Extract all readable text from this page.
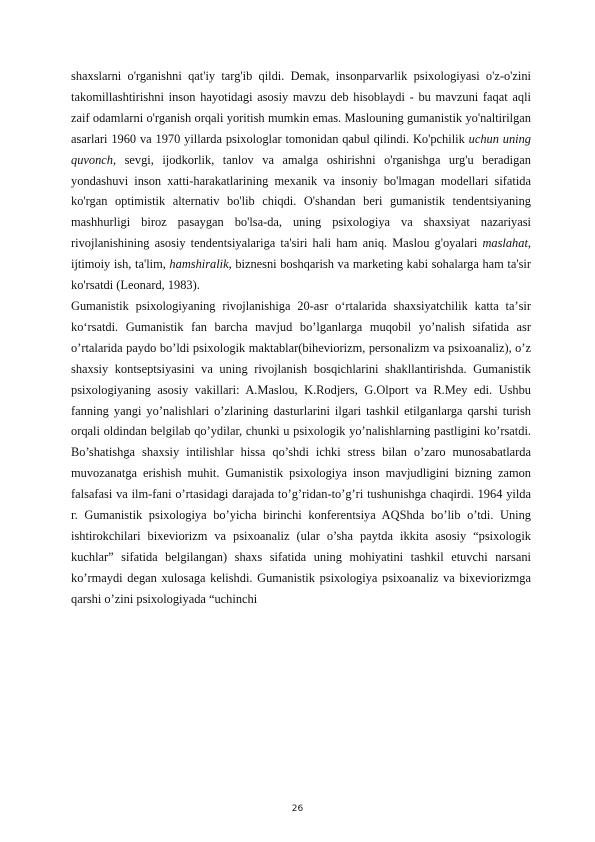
shaxslarni o'rganishni qat'iy targ'ib qildi. Demak, insonparvarlik psixologiyasi o'z-o'zini takomillashtirishni inson hayotidagi asosiy mavzu deb hisoblaydi - bu mavzuni faqat aqli zaif odamlarni o'rganish orqali yoritish mumkin emas. Maslouning gumanistik yo'naltirilgan asarlari 1960 va 1970 yillarda psixologlar tomonidan qabul qilindi. Ko'pchilik uchun uning quvonch, sevgi, ijodkorlik, tanlov va amalga oshirishni o'rganishga urg'u beradigan yondashuvi inson xatti-harakatlarining mexanik va insoniy bo'lmagan modellari sifatida ko'rgan optimistik alternativ bo'lib chiqdi. O'shandan beri gumanistik tendentsiyaning mashhurligi biroz pasaygan bo'lsa-da, uning psixologiya va shaxsiyat nazariyasi rivojlanishining asosiy tendentsiyalariga ta'siri hali ham aniq. Maslou g'oyalari maslahat, ijtimoiy ish, ta'lim, hamshiralik, biznesni boshqarish va marketing kabi sohalarga ham ta'sir ko'rsatdi (Leonard, 1983).

Gumanistik psixologiyaning rivojlanishiga 20-asr oʻrtalarida shaxsiyatchilik katta taʼsir koʻrsatdi. Gumanistik fan barcha mavjud bo’lganlarga muqobil yo’nalish sifatida asr o’rtalarida paydo bo’ldi psixologik maktablar(biheviorizm, personalizm va psixoanaliz), o’z shaxsiy kontseptsiyasini va uning rivojlanish bosqichlarini shakllantirishda. Gumanistik psixologiyaning asosiy vakillari: A.Maslou, K.Rodjers, G.Olport va R.Mey edi. Ushbu fanning yangi yo’nalishlari o’zlarining dasturlarini ilgari tashkil etilganlarga qarshi turish orqali oldindan belgilab qo’ydilar, chunki u psixologik yo’nalishlarning pastligini ko’rsatdi. Bo’shatishga shaxsiy intilishlar hissa qo’shdi ichki stress bilan o’zaro munosabatlarda muvozanatga erishish muhit. Gumanistik psixologiya inson mavjudligini bizning zamon falsafasi va ilm-fani o’rtasidagi darajada to’g’ridan-to’g’ri tushunishga chaqirdi. 1964 yilda г. Gumanistik psixologiya bo’yicha birinchi konferentsiya AQShda bo’lib o’tdi. Uning ishtirokchilari bixeviorizm va psixoanaliz (ular o’sha paytda ikkita asosiy “psixologik kuchlar” sifatida belgilangan) shaxs sifatida uning mohiyatini tashkil etuvchi narsani ko’rmaydi degan xulosaga kelishdi. Gumanistik psixologiya psixoanaliz va bixeviorizmga qarshi o’zini psixologiyada “uchinchi

26
